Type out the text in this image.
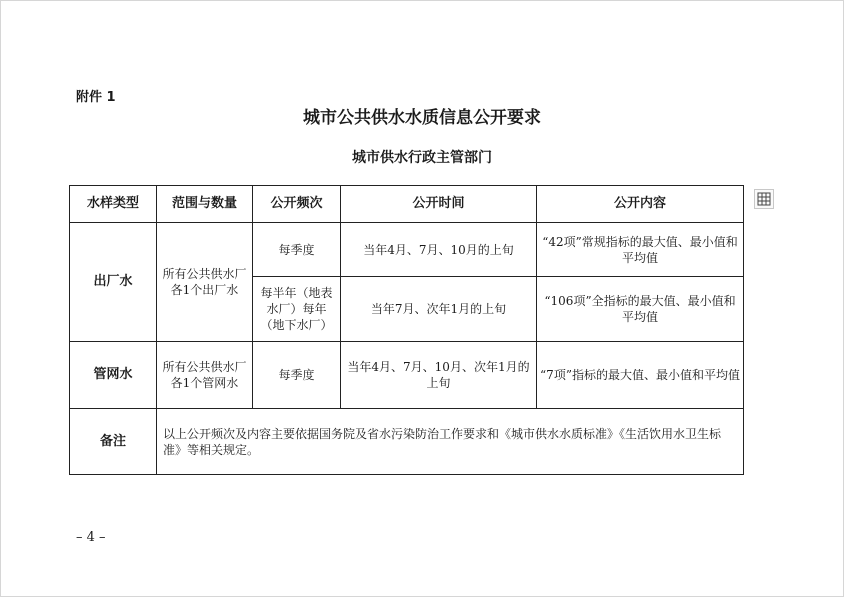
附件 1
城市公共供水水质信息公开要求
城市供水行政主管部门
水样类型	范围与数量	公开频次	公开时间	公开内容
出厂水	所有公共供水厂各1个出厂水	每季度	当年4月、7月、10月的上旬	“42项”常规指标的最大值、最小值和平均值
		每半年（地表水厂）每年（地下水厂）	当年7月、次年1月的上旬	“106项”全指标的最大值、最小值和平均值
管网水	所有公共供水厂各1个管网水	每季度	当年4月、7月、10月、次年1月的上旬	“7项”指标的最大值、最小值和平均值
备注	以上公开频次及内容主要依据国务院及省水污染防治工作要求和《城市供水水质标准》《生活饮用水卫生标准》等相关规定。			
– 4 –
